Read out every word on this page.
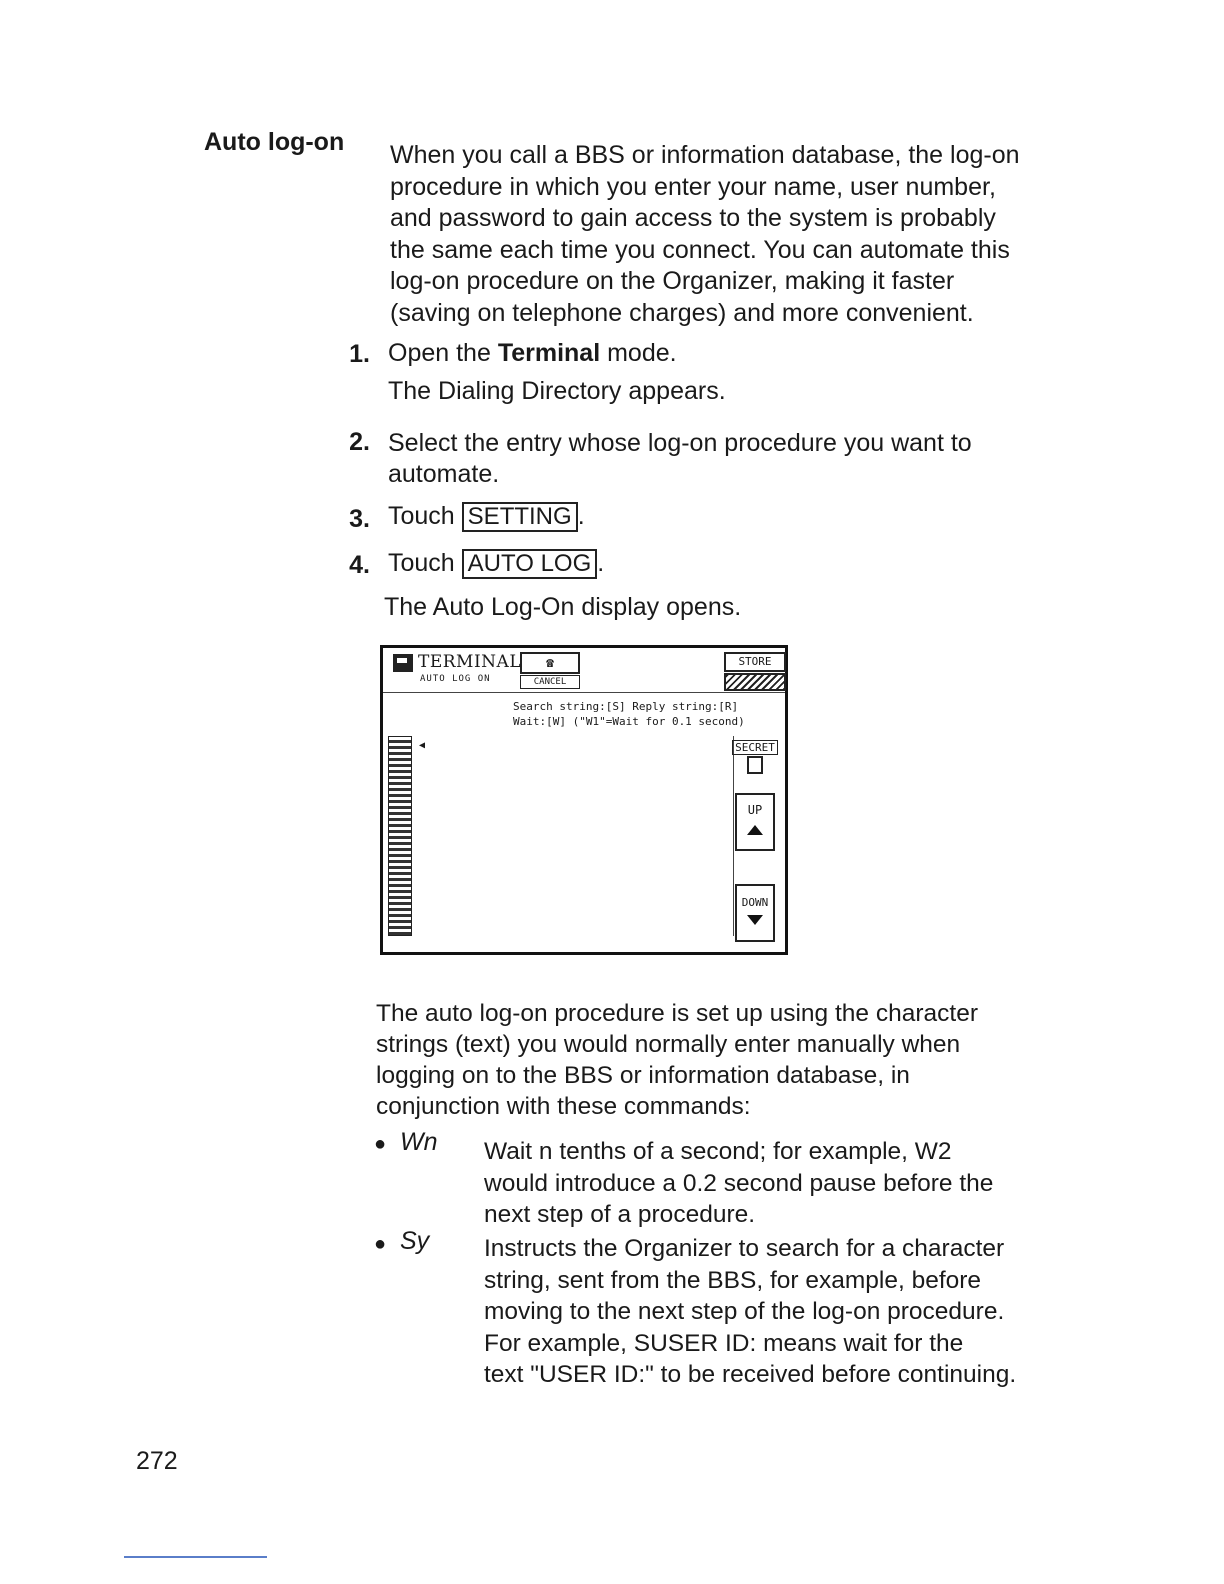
Auto log-on When you call a BBS or information database, the log-on
procedure in which you enter your name, user number,
and password to gain access to the system is probably
the same each time you connect. You can automate this
log-on procedure on the Organizer, making it faster
(saving on telephone charges) and more convenient.
1. Open the Terminal mode.
The Dialing Directory appears.
2. Select the entry whose log-on procedure you want to
automate.
3. Touch SETTING .
4. Touch AUTO LOG .
The Auto Log-On display opens.
TERMINAL
AUTO LOG ON
☎
CANCEL
STORE
Search string:[S] Reply string:[R]
Wait:[W] ("W1"=Wait for 0.1 second)
◀	SECRET
UP
DOWN
The auto log-on procedure is set up using the character
strings (text) you would normally enter manually when
logging on to the BBS or information database, in
conjunction with these commands:
● Wn Wait n tenths of a second; for example, W2
would introduce a 0.2 second pause before the
next step of a procedure.
● Sy Instructs the Organizer to search for a character
string, sent from the BBS, for example, before
moving to the next step of the log-on procedure.
For example, SUSER ID: means wait for the
text "USER ID:" to be received before continuing.
272
